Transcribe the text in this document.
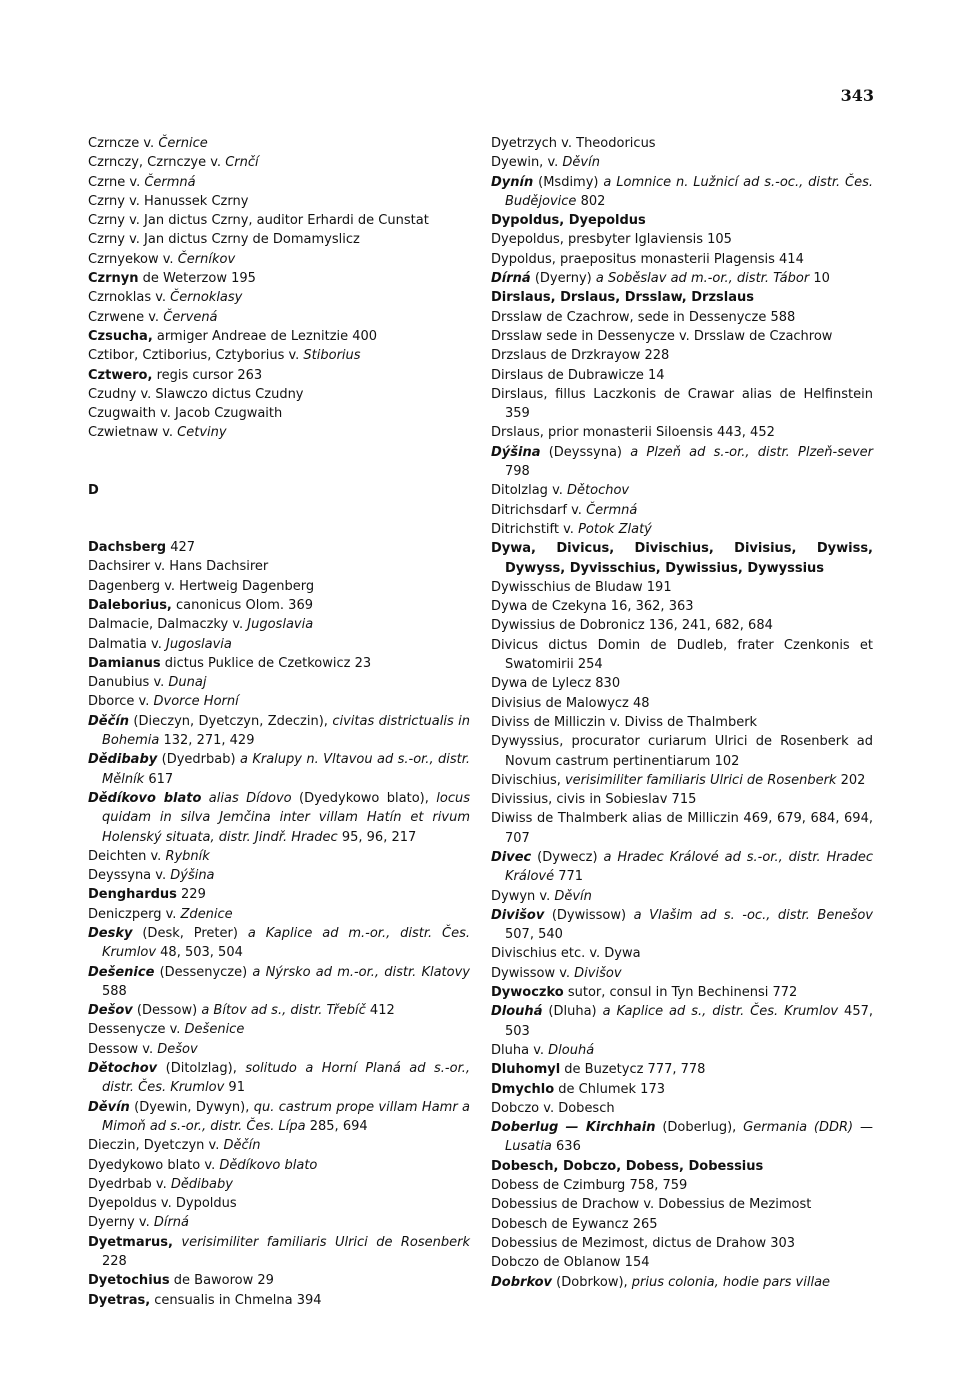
343

Czrncze v. Černice

Czrnczy, Czrnczye v. Crnčí

Czrne v. Čermná

Czrny v. Hanussek Czrny

Czrny v. Jan dictus Czrny, auditor Erhardi de Cunstat

Czrny v. Jan dictus Czrny de Domamyslicz

Czrnyekow v. Černíkov

Czrnyn de Weterzow 195

Czrnoklas v. Černoklasy

Czrwene v. Červená

Czsucha, armiger Andreae de Leznitzie 400

Cztibor, Cztiborius, Cztyborius v. Stiborius

Cztwero, regis cursor 263

Czudny v. Slawczo dictus Czudny

Czugwaith v. Jacob Czugwaith

Czwietnaw v. Cetviny

D

Dachsberg 427

Dachsirer v. Hans Dachsirer

Dagenberg v. Hertweig Dagenberg

Daleborius, canonicus Olom. 369

Dalmacie, Dalmaczky v. Jugoslavia

Dalmatia v. Jugoslavia

Damianus dictus Puklice de Czetkowicz 23

Danubius v. Dunaj

Dborce v. Dvorce Horní

Děčín (Dieczyn, Dyetczyn, Zdeczin), civitas districtualis in Bohemia 132, 271, 429

Dědibaby (Dyedrbab) a Kralupy n. Vltavou ad s.-or., distr. Mělník 617

Dědíkovo blato alias Dídovo (Dyedykowo blato), locus quidam in silva Jemčina inter villam Hatín et rivum Holenský situata, distr. Jindř. Hradec 95, 96, 217

Deichten v. Rybník

Deyssyna v. Dýšina

Denghardus 229

Deniczperg v. Zdenice

Desky (Desk, Preter) a Kaplice ad m.-or., distr. Čes. Krumlov 48, 503, 504

Dešenice (Dessenycze) a Nýrsko ad m.-or., distr. Klatovy 588

Dešov (Dessow) a Bítov ad s., distr. Třebíč 412

Dessenycze v. Dešenice

Dessow v. Dešov

Dětochov (Ditolzlag), solitudo a Horní Planá ad s.-or., distr. Čes. Krumlov 91

Děvín (Dyewin, Dywyn), qu. castrum prope villam Hamr a Mimoň ad s.-or., distr. Čes. Lípa 285, 694

Dieczin, Dyetczyn v. Děčín

Dyedykowo blato v. Dědíkovo blato

Dyedrbab v. Dědibaby

Dyepoldus v. Dypoldus

Dyerny v. Dírná

Dyetmarus, verisimiliter familiaris Ulrici de Rosenberk 228

Dyetochius de Baworow 29

Dyetras, censualis in Chmelna 394

Dyetrzych v. Theodoricus

Dyewin, v. Děvín

Dynín (Msdimy) a Lomnice n. Lužnicí ad s.-oc., distr. Čes. Budějovice 802

Dypoldus, Dyepoldus

Dyepoldus, presbyter Iglaviensis 105

Dypoldus, praepositus monasterii Plagensis 414

Dírná (Dyerny) a Soběslav ad m.-or., distr. Tábor 10

Dirslaus, Drslaus, Drsslaw, Drzslaus

Drsslaw de Czachrow, sede in Dessenycze 588

Drsslaw sede in Dessenycze v. Drsslaw de Czachrow

Drzslaus de Drzkrayow 228

Dirslaus de Dubrawicze 14

Dirslaus, fillus Laczkonis de Crawar alias de Helfinstein 359

Drslaus, prior monasterii Siloensis 443, 452

Dýšina (Deyssyna) a Plzeň ad s.-or., distr. Plzeň-sever 798

Ditolzlag v. Dětochov

Ditrichsdarf v. Čermná

Ditrichstift v. Potok Zlatý

Dywa, Divicus, Divischius, Divisius, Dywiss, Dywyss, Dyvisschius, Dywissius, Dywyssius

Dywisschius de Bludaw 191

Dywa de Czekyna 16, 362, 363

Dywissius de Dobronicz 136, 241, 682, 684

Divicus dictus Domin de Dudleb, frater Czenkonis et Swatomirii 254

Dywa de Lylecz 830

Divisius de Malowycz 48

Diviss de Milliczin v. Diviss de Thalmberk

Dywyssius, procurator curiarum Ulrici de Rosenberk ad Novum castrum pertinentiarum 102

Divischius, verisimiliter familiaris Ulrici de Rosenberk 202

Divissius, civis in Sobieslav 715

Diwiss de Thalmberk alias de Milliczin 469, 679, 684, 694, 707

Divec (Dywecz) a Hradec Králové ad s.-or., distr. Hradec Králové 771

Dywyn v. Děvín

Divišov (Dywissow) a Vlašim ad s. -oc., distr. Benešov 507, 540

Divischius etc. v. Dywa

Dywissow v. Divišov

Dywoczko sutor, consul in Tyn Bechinensi 772

Dlouhá (Dluha) a Kaplice ad s., distr. Čes. Krumlov 457, 503

Dluha v. Dlouhá

Dluhomyl de Buzetycz 777, 778

Dmychlo de Chlumek 173

Dobczo v. Dobesch

Doberlug — Kirchhain (Doberlug), Germania (DDR) — Lusatia 636

Dobesch, Dobczo, Dobess, Dobessius

Dobess de Czimburg 758, 759

Dobessius de Drachow v. Dobessius de Mezimost

Dobesch de Eywancz 265

Dobessius de Mezimost, dictus de Drahow 303

Dobczo de Oblanow 154

Dobrkov (Dobrkow), prius colonia, hodie pars villae
